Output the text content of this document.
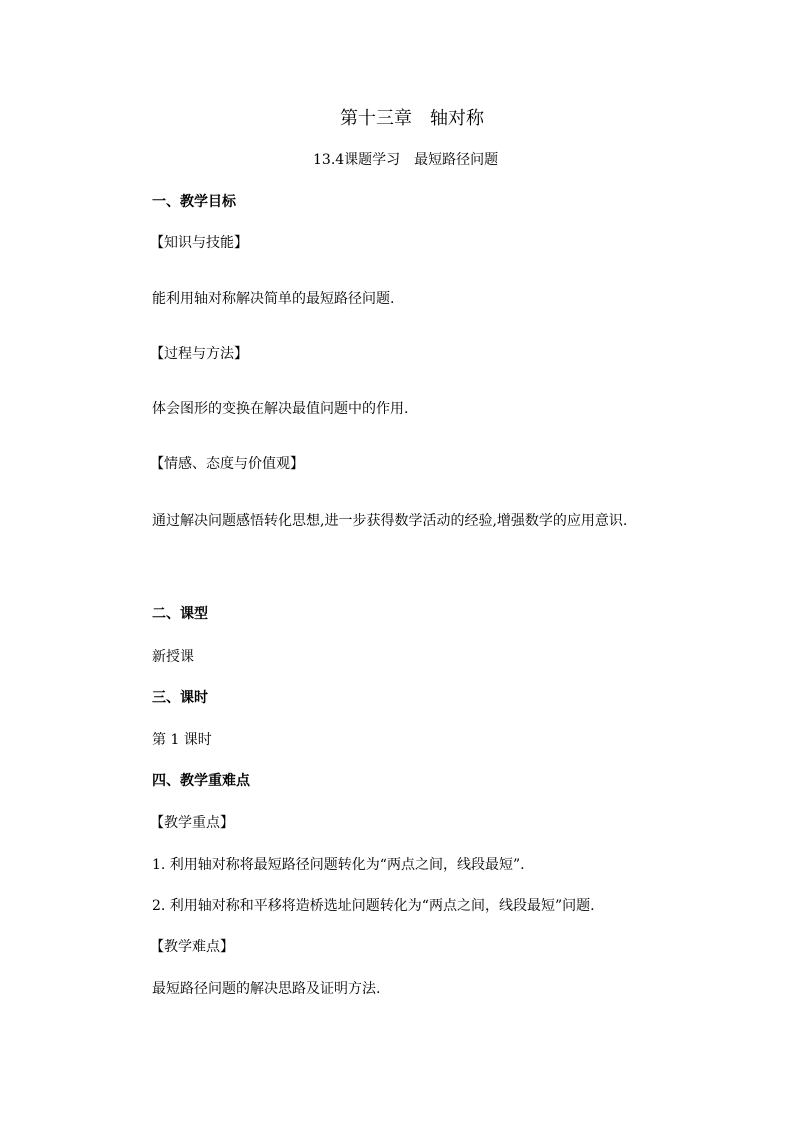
第十三章　轴对称
13.4课题学习　最短路径问题
一、教学目标
【知识与技能】
能利用轴对称解决简单的最短路径问题.
【过程与方法】
体会图形的变换在解决最值问题中的作用.
【情感、态度与价值观】
通过解决问题感悟转化思想,进一步获得数学活动的经验,增强数学的应用意识.
二、课型
新授课
三、课时
第 1 课时
四、教学重难点
【教学重点】
1. 利用轴对称将最短路径问题转化为“两点之间，线段最短”.
2. 利用轴对称和平移将造桥选址问题转化为“两点之间，线段最短”问题.
【教学难点】
最短路径问题的解决思路及证明方法.
